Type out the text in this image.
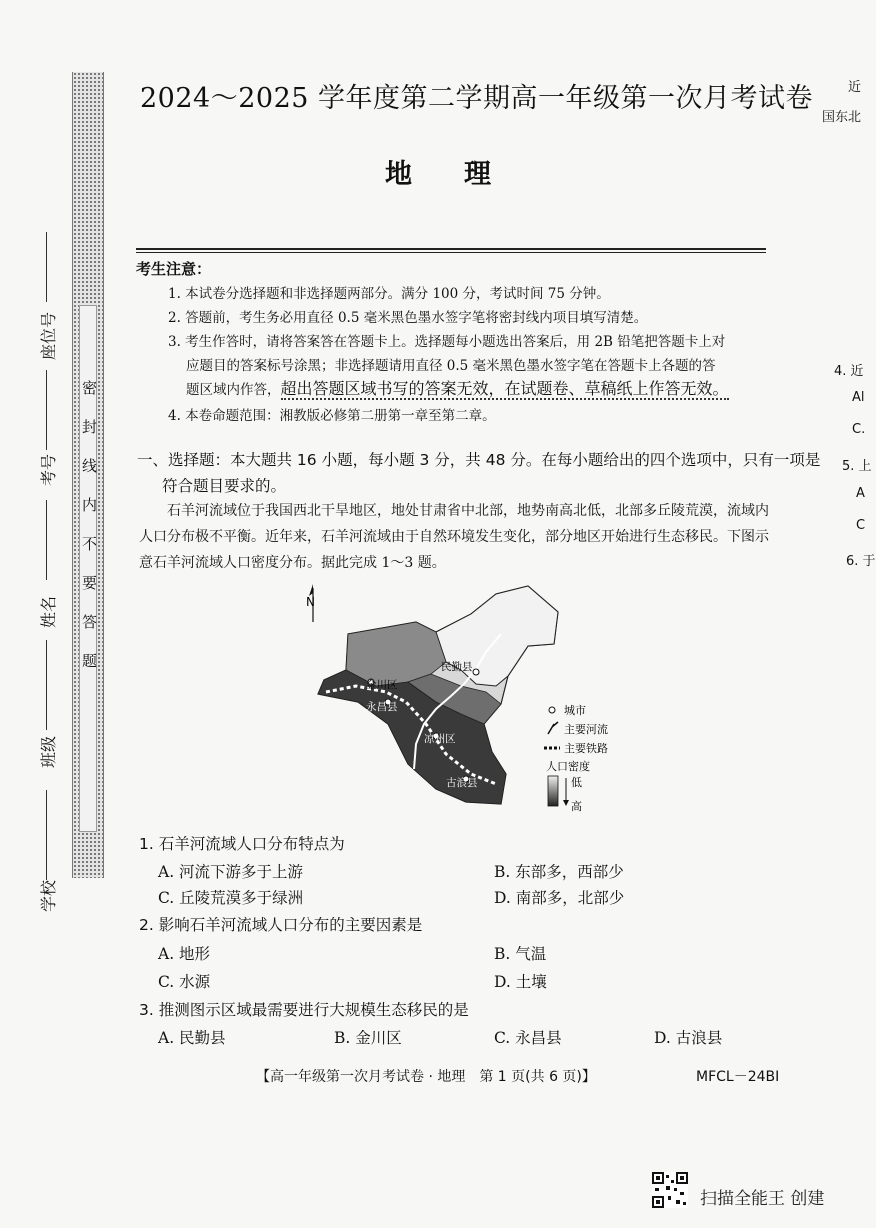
密封线内不要答题
学校
班级
姓名
考号
座位号
2024～2025 学年度第二学期高一年级第一次月考试卷
地理
考生注意：
1. 本试卷分选择题和非选择题两部分。满分 100 分，考试时间 75 分钟。
2. 答题前，考生务必用直径 0.5 毫米黑色墨水签字笔将密封线内项目填写清楚。
3. 考生作答时，请将答案答在答题卡上。选择题每小题选出答案后，用 2B 铅笔把答题卡上对
应题目的答案标号涂黑；非选择题请用直径 0.5 毫米黑色墨水签字笔在答题卡上各题的答
题区域内作答，超出答题区域书写的答案无效，在试题卷、草稿纸上作答无效。
4. 本卷命题范围：湘教版必修第二册第一章至第二章。
一、选择题：本大题共 16 小题，每小题 3 分，共 48 分。在每小题给出的四个选项中，只有一项是
符合题目要求的。
石羊河流域位于我国西北干旱地区，地处甘肃省中北部，地势南高北低，北部多丘陵荒漠，流域内人口分布极不平衡。近年来，石羊河流域由于自然环境发生变化，部分地区开始进行生态移民。下图示意石羊河流域人口密度分布。据此完成 1～3 题。
N
民勤县
金川区
永昌县
凉州区
古浪县
城市
主要河流
主要铁路
人口密度
低
高
1. 石羊河流域人口分布特点为
A. 河流下游多于上游	B. 东部多，西部少
C. 丘陵荒漠多于绿洲	D. 南部多，北部少
2. 影响石羊河流域人口分布的主要因素是
A. 地形	B. 气温
C. 水源	D. 土壤
3. 推测图示区域最需要进行大规模生态移民的是
A. 民勤县	B. 金川区	C. 永昌县	D. 古浪县
【高一年级第一次月考试卷 · 地理　第 1 页(共 6 页)】	MFCL－24BⅠ
近
国东北
4. 近
Al
C.
5. 上
A
C
6. 于
扫描全能王 创建
